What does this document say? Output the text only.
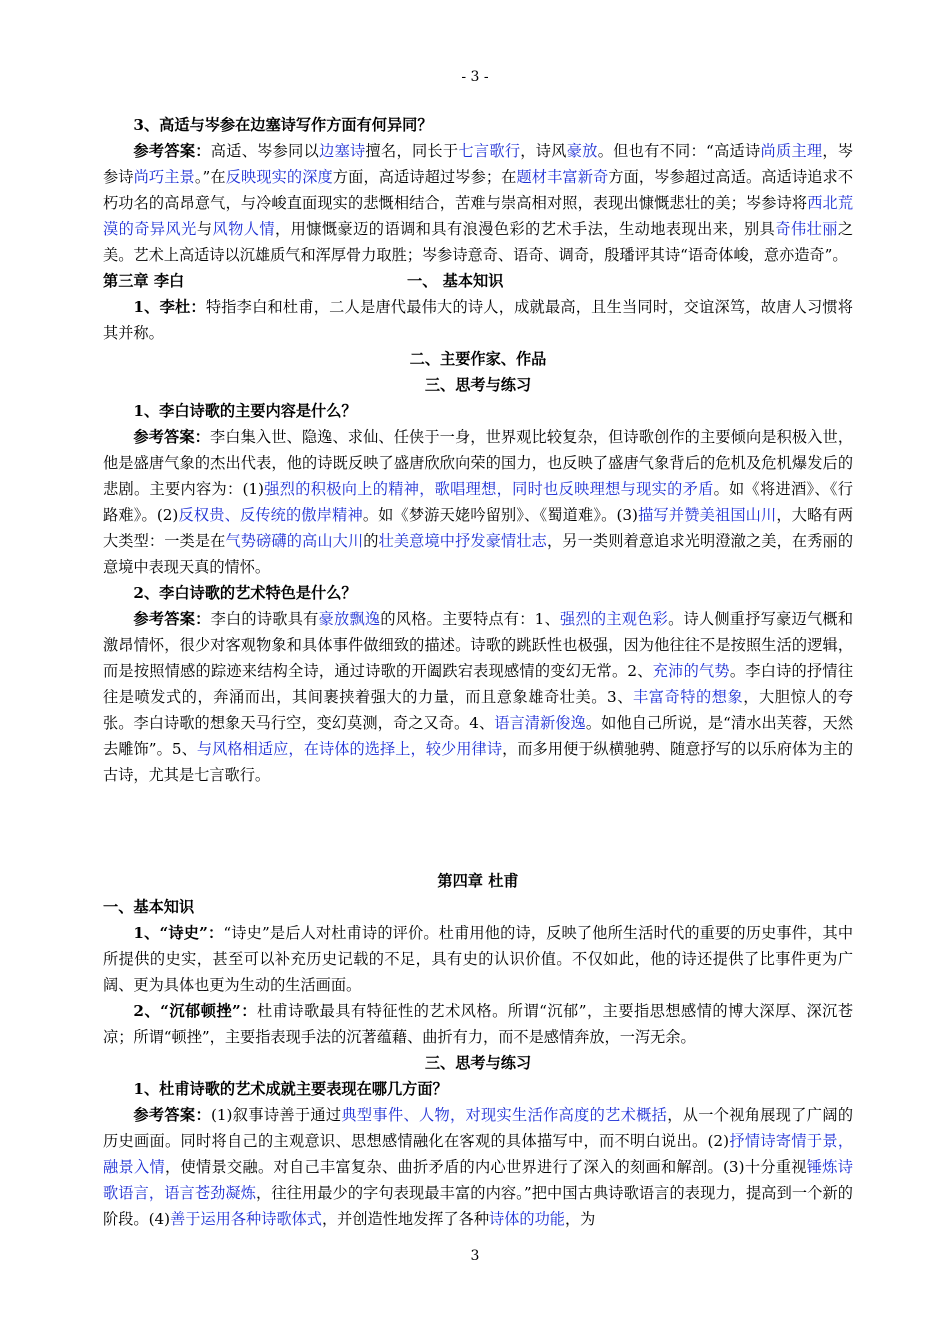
- 3 -

3、高适与岑参在边塞诗写作方面有何异同？

参考答案：高适、岑参同以边塞诗擅名，同长于七言歌行，诗风豪放。但也有不同：“高适诗尚质主理，岑参诗尚巧主景。”在反映现实的深度方面，高适诗超过岑参；在题材丰富新奇方面，岑参超过高适。高适诗追求不朽功名的高昂意气，与冷峻直面现实的悲慨相结合，苦难与崇高相对照，表现出慷慨悲壮的美；岑参诗将西北荒漠的奇异风光与风物人情，用慷慨豪迈的语调和具有浪漫色彩的艺术手法，生动地表现出来，别具奇伟壮丽之美。艺术上高适诗以沉雄质气和浑厚骨力取胜；岑参诗意奇、语奇、调奇，殷璠评其诗“语奇体峻，意亦造奇”。

第三章 李白	一、 基本知识

1、李杜：特指李白和杜甫，二人是唐代最伟大的诗人，成就最高，且生当同时，交谊深笃，故唐人习惯将其并称。

二、主要作家、作品

三、思考与练习

1、李白诗歌的主要内容是什么？

参考答案：李白集入世、隐逸、求仙、任侠于一身，世界观比较复杂，但诗歌创作的主要倾向是积极入世，他是盛唐气象的杰出代表，他的诗既反映了盛唐欣欣向荣的国力，也反映了盛唐气象背后的危机及危机爆发后的悲剧。主要内容为：(1)强烈的积极向上的精神，歌唱理想，同时也反映理想与现实的矛盾。如《将进酒》、《行路难》。(2)反权贵、反传统的傲岸精神。如《梦游天姥吟留别》、《蜀道难》。(3)描写并赞美祖国山川，大略有两大类型：一类是在气势磅礴的高山大川的壮美意境中抒发豪情壮志，另一类则着意追求光明澄澈之美，在秀丽的意境中表现天真的情怀。

2、李白诗歌的艺术特色是什么？

参考答案：李白的诗歌具有豪放飘逸的风格。主要特点有：1、强烈的主观色彩。诗人侧重抒写豪迈气概和激昂情怀，很少对客观物象和具体事件做细致的描述。诗歌的跳跃性也极强，因为他往往不是按照生活的逻辑，而是按照情感的踪迹来结构全诗，通过诗歌的开阖跌宕表现感情的变幻无常。2、充沛的气势。李白诗的抒情往往是喷发式的，奔涌而出，其间裹挟着强大的力量，而且意象雄奇壮美。3、丰富奇特的想象，大胆惊人的夸张。李白诗歌的想象天马行空，变幻莫测，奇之又奇。4、语言清新俊逸。如他自己所说，是“清水出芙蓉，天然去雕饰”。5、与风格相适应，在诗体的选择上，较少用律诗，而多用便于纵横驰骋、随意抒写的以乐府体为主的古诗，尤其是七言歌行。

第四章 杜甫

一、基本知识

1、“诗史”：“诗史”是后人对杜甫诗的评价。杜甫用他的诗，反映了他所生活时代的重要的历史事件，其中所提供的史实，甚至可以补充历史记载的不足，具有史的认识价值。不仅如此，他的诗还提供了比事件更为广阔、更为具体也更为生动的生活画面。

2、“沉郁顿挫”：杜甫诗歌最具有特征性的艺术风格。所谓“沉郁”，主要指思想感情的博大深厚、深沉苍凉；所谓“顿挫”，主要指表现手法的沉著蕴藉、曲折有力，而不是感情奔放，一泻无余。

三、思考与练习

1、杜甫诗歌的艺术成就主要表现在哪几方面？

参考答案：(1)叙事诗善于通过典型事件、人物，对现实生活作高度的艺术概括，从一个视角展现了广阔的历史画面。同时将自己的主观意识、思想感情融化在客观的具体描写中，而不明白说出。(2)抒情诗寄情于景，融景入情，使情景交融。对自己丰富复杂、曲折矛盾的内心世界进行了深入的刻画和解剖。(3)十分重视锤炼诗歌语言，语言苍劲凝炼，往往用最少的字句表现最丰富的内容。”把中国古典诗歌语言的表现力，提高到一个新的阶段。(4)善于运用各种诗歌体式，并创造性地发挥了各种诗体的功能，为

3
